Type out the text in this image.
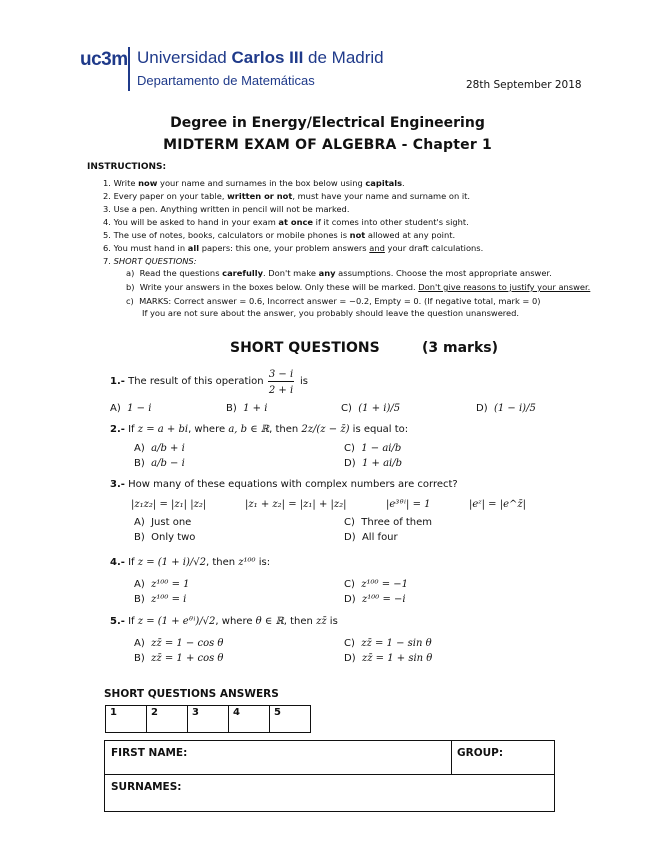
uc3m Universidad Carlos III de Madrid
Departamento de Matemáticas	28th September 2018
Degree in Energy/Electrical Engineering
MIDTERM EXAM OF ALGEBRA - Chapter 1
INSTRUCTIONS:
1. Write now your name and surnames in the box below using capitals.
2. Every paper on your table, written or not, must have your name and surname on it.
3. Use a pen. Anything written in pencil will not be marked.
4. You will be asked to hand in your exam at once if it comes into other student's sight.
5. The use of notes, books, calculators or mobile phones is not allowed at any point.
6. You must hand in all papers: this one, your problem answers and your draft calculations.
7. SHORT QUESTIONS:
a) Read the questions carefully. Don't make any assumptions. Choose the most appropriate answer.
b) Write your answers in the boxes below. Only these will be marked. Don't give reasons to justify your answer.
c) MARKS: Correct answer = 0.6, Incorrect answer = −0.2, Empty = 0. (If negative total, mark = 0)
If you are not sure about the answer, you probably should leave the question unanswered.
SHORT QUESTIONS	(3 marks)
1.- The result of this operation
3 − i
2 + i
is
A) 1 − i	B) 1 + i	C) (1 + i)/5	D) (1 − i)/5
2.- If z = a + bi, where a, b ∈ ℝ, then 2z/(z − z̄) is equal to:
A) a/b + i
B) a/b − i
C) 1 − ai/b
D) 1 + ai/b
3.- How many of these equations with complex numbers are correct?
|z₁z₂| = |z₁| |z₂|	|z₁ + z₂| = |z₁| + |z₂|	|e³ᶿⁱ| = 1	|eᶻ| = |e^z̄|
A) Just one
B) Only two
C) Three of them
D) All four
4.- If z = (1 + i)/√2, then z¹⁰⁰ is:
A) z¹⁰⁰ = 1
B) z¹⁰⁰ = i
C) z¹⁰⁰ = −1
D) z¹⁰⁰ = −i
5.- If z = (1 + eᶿⁱ)/√2, where θ ∈ ℝ, then zz̄ is
A) zz̄ = 1 − cos θ
B) zz̄ = 1 + cos θ
C) zz̄ = 1 − sin θ
D) zz̄ = 1 + sin θ
SHORT QUESTIONS ANSWERS
1	2	3	4	5
FIRST NAME:	GROUP:
SURNAMES:
